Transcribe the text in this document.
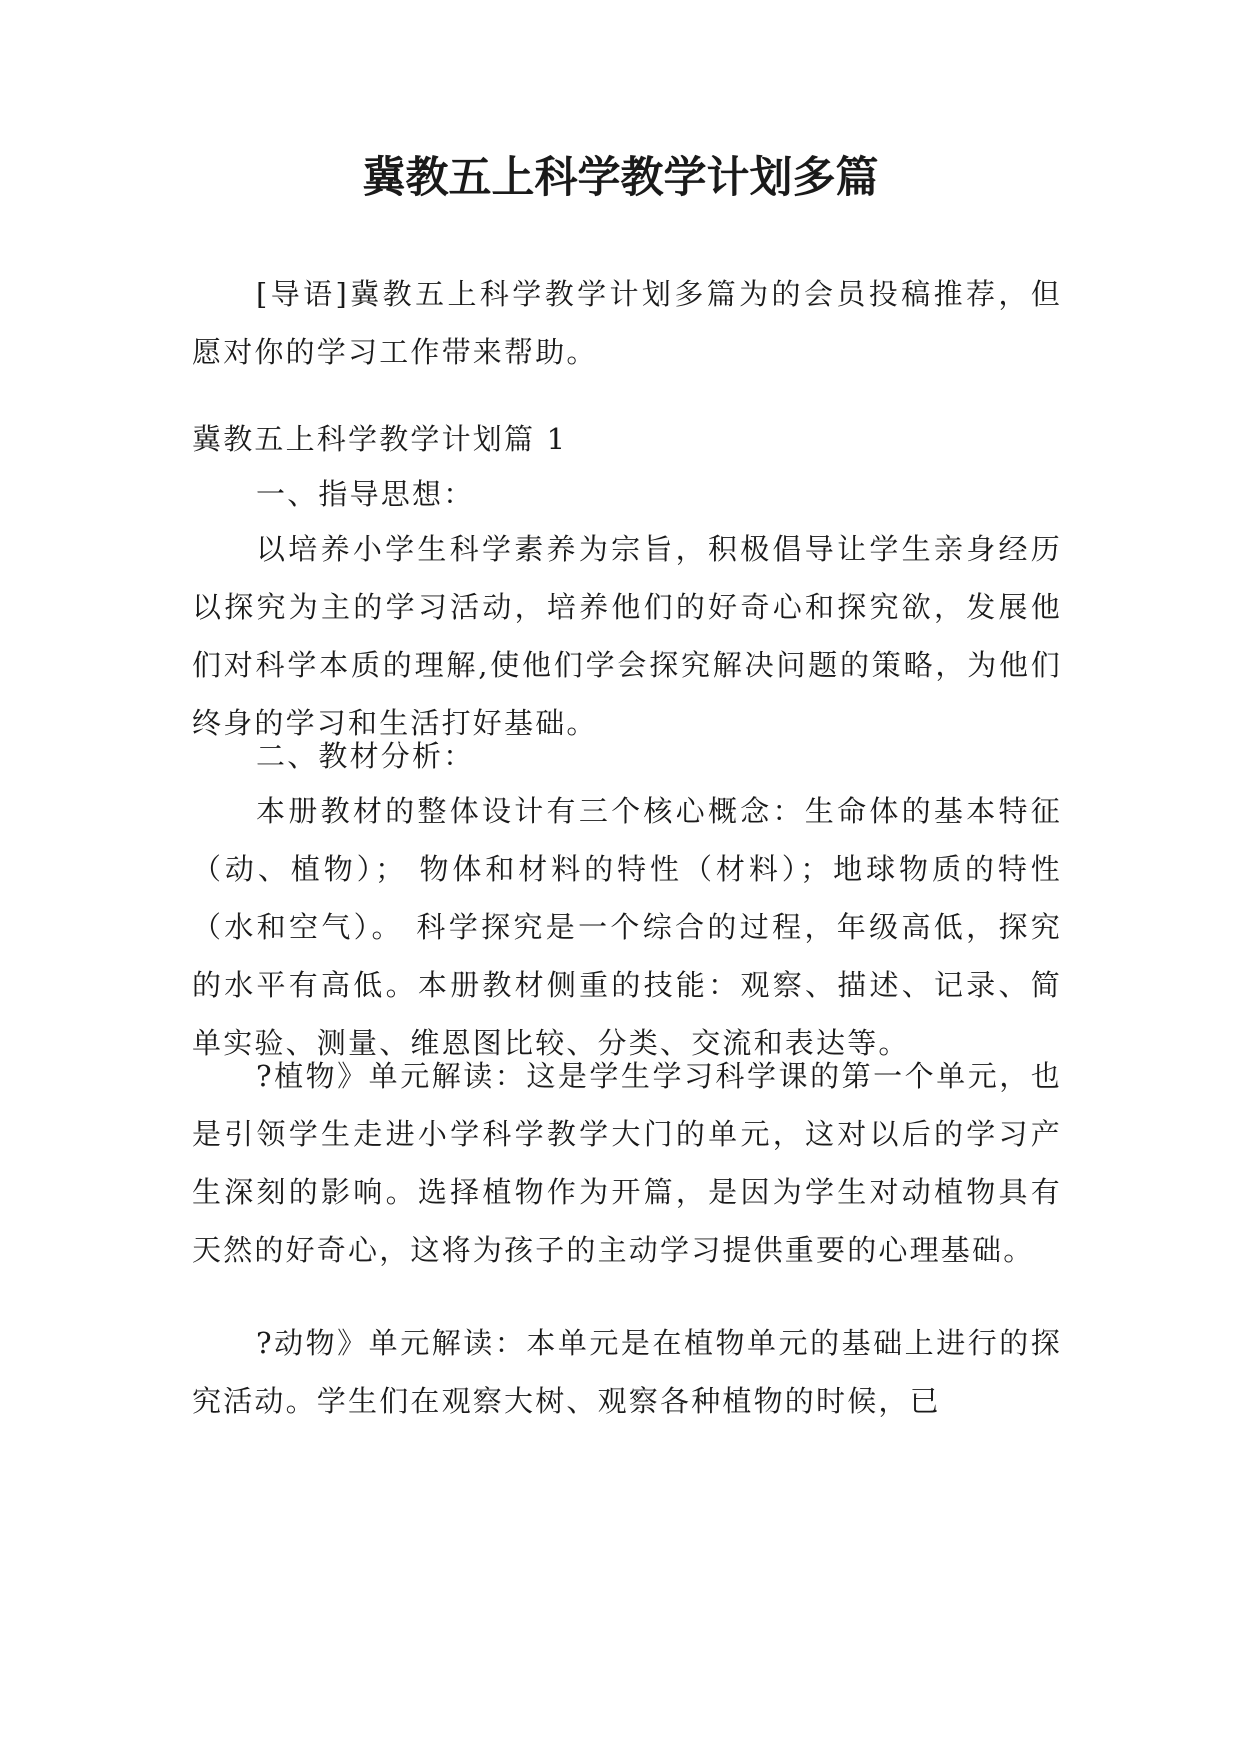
冀教五上科学教学计划多篇

[导语]冀教五上科学教学计划多篇为的会员投稿推荐，但愿对你的学习工作带来帮助。

冀教五上科学教学计划篇 1

一、指导思想：

以培养小学生科学素养为宗旨，积极倡导让学生亲身经历以探究为主的学习活动，培养他们的好奇心和探究欲，发展他们对科学本质的理解,使他们学会探究解决问题的策略，为他们终身的学习和生活打好基础。

二、教材分析：

本册教材的整体设计有三个核心概念：生命体的基本特征（动、植物）； 物体和材料的特性（材料）；地球物质的特性（水和空气）。 科学探究是一个综合的过程，年级高低，探究的水平有高低。本册教材侧重的技能：观察、描述、记录、简单实验、测量、维恩图比较、分类、交流和表达等。

?植物》单元解读：这是学生学习科学课的第一个单元，也是引领学生走进小学科学教学大门的单元，这对以后的学习产生深刻的影响。选择植物作为开篇，是因为学生对动植物具有天然的好奇心，这将为孩子的主动学习提供重要的心理基础。

?动物》单元解读：本单元是在植物单元的基础上进行的探究活动。学生们在观察大树、观察各种植物的时候，已
